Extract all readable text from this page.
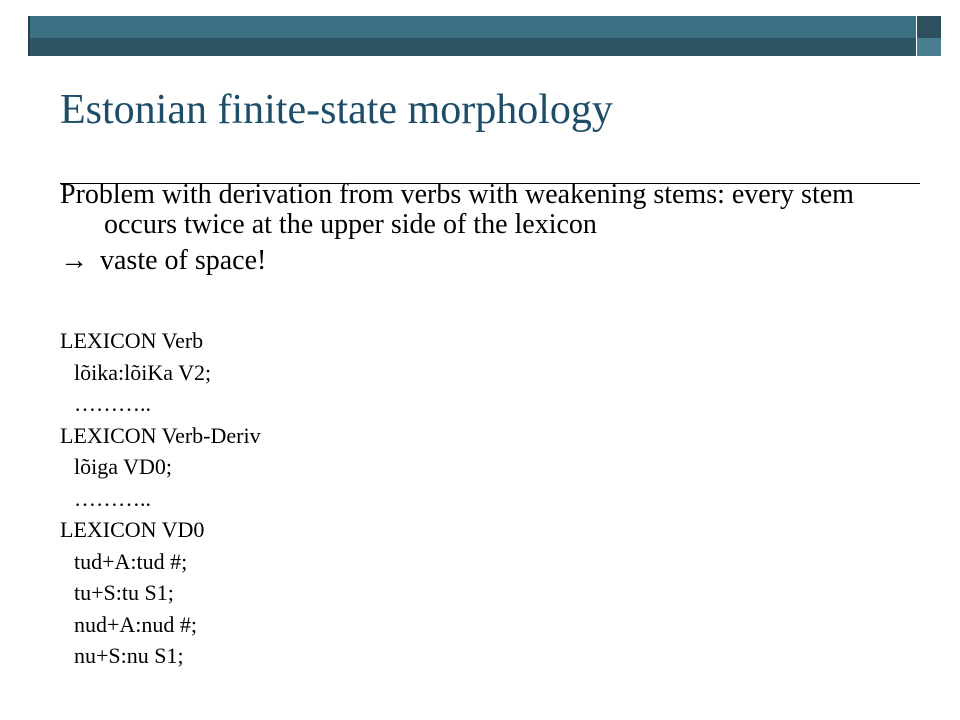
Estonian finite-state morphology

Problem with derivation from verbs with weakening stems: every stem occurs twice at the upper side of the lexicon

→ vaste of space!

LEXICON Verb
lõika:lõiKa V2;
………..
LEXICON Verb-Deriv
lõiga VD0;
………..
LEXICON VD0
tud+A:tud #;
tu+S:tu S1;
nud+A:nud #;
nu+S:nu S1;
